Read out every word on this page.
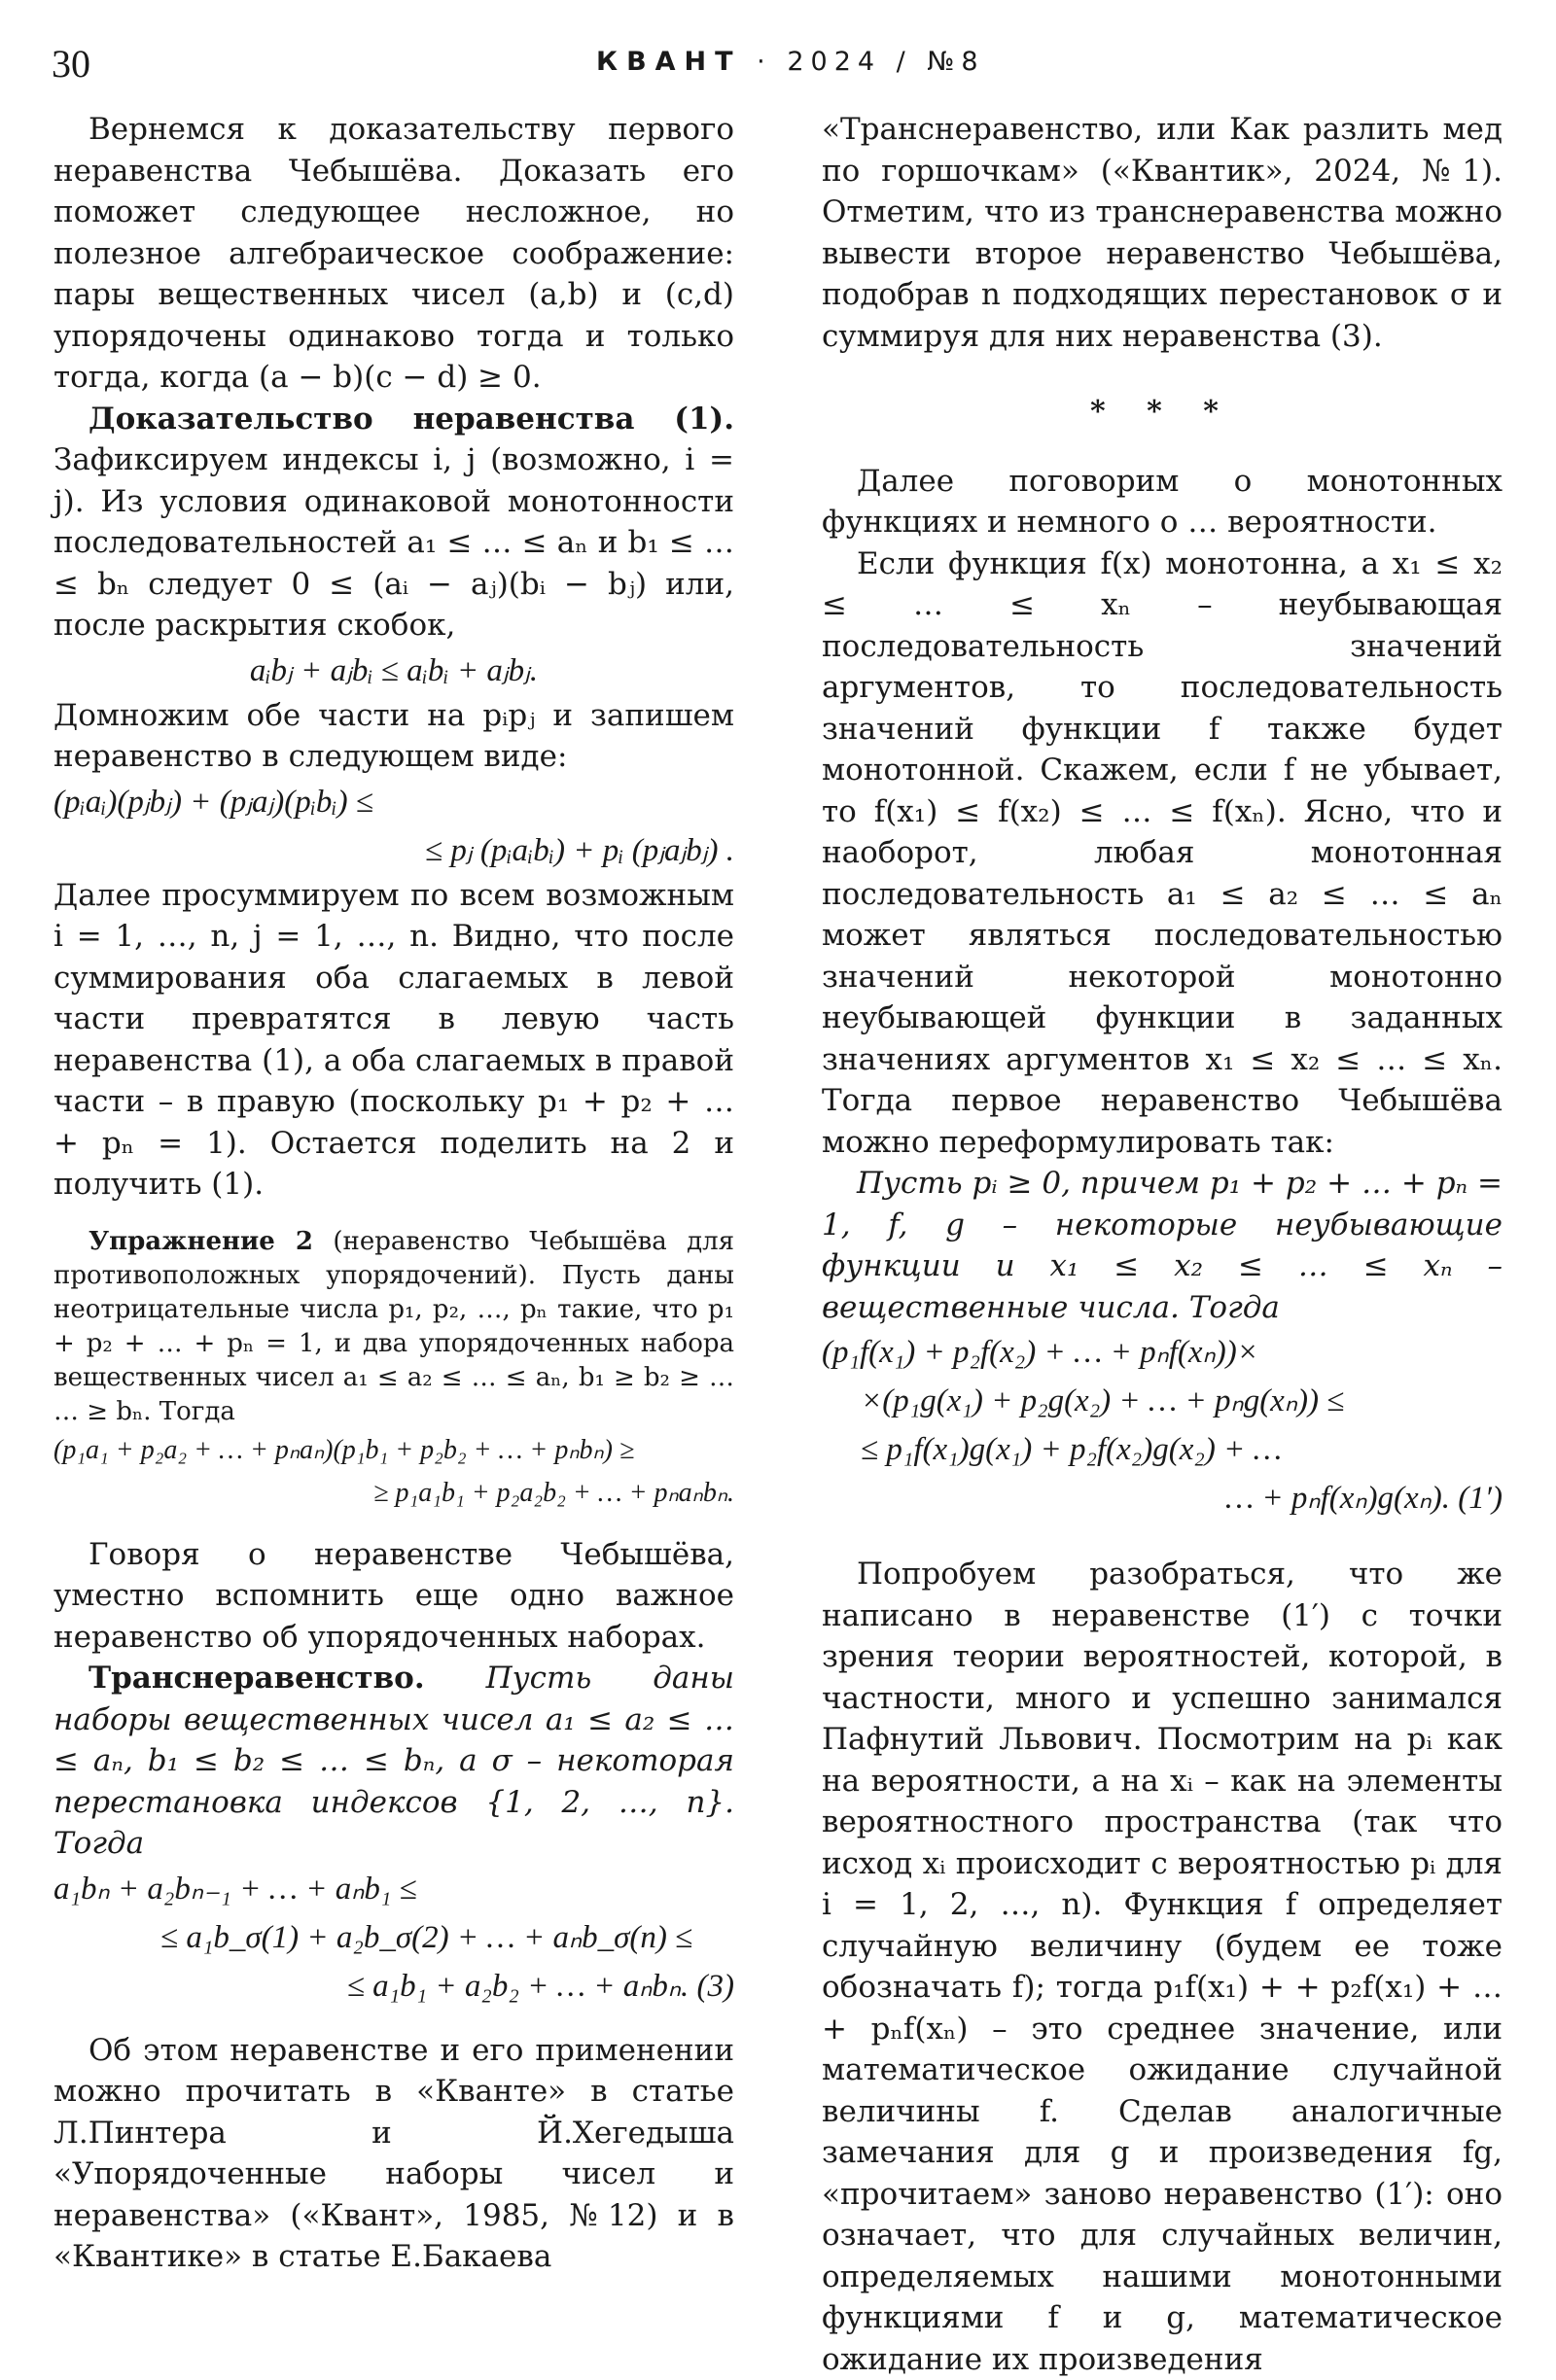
30	КВАНТ · 2024 / №8

Вернемся к доказательству первого неравенства Чебышёва. Доказать его поможет следующее несложное, но полезное алгебраическое соображение: пары вещественных чисел (a,b) и (c,d) упорядочены одинаково тогда и только тогда, когда (a − b)(c − d) ≥ 0.

Доказательство неравенства (1). Зафиксируем индексы i, j (возможно, i = j). Из условия одинаковой монотонности последовательностей a₁ ≤ … ≤ aₙ и b₁ ≤ … ≤ bₙ следует 0 ≤ (aᵢ − aⱼ)(bᵢ − bⱼ) или, после раскрытия скобок,

aᵢbⱼ + aⱼbᵢ ≤ aᵢbᵢ + aⱼbⱼ.

Домножим обе части на pᵢpⱼ и запишем неравенство в следующем виде:

(pᵢaᵢ)(pⱼbⱼ) + (pⱼaⱼ)(pᵢbᵢ) ≤

≤ pⱼ (pᵢaᵢbᵢ) + pᵢ (pⱼaⱼbⱼ) .

Далее просуммируем по всем возможным i = 1, …, n, j = 1, …, n. Видно, что после суммирования оба слагаемых в левой части превратятся в левую часть неравенства (1), а оба слагаемых в правой части – в правую (поскольку p₁ + p₂ + … + pₙ = 1). Остается поделить на 2 и получить (1).

Упражнение 2 (неравенство Чебышёва для противоположных упорядочений). Пусть даны неотрицательные числа p₁, p₂, …, pₙ такие, что p₁ + p₂ + … + pₙ = 1, и два упорядоченных набора вещественных чисел a₁ ≤ a₂ ≤ … ≤ aₙ, b₁ ≥ b₂ ≥ … … ≥ bₙ. Тогда

(p₁a₁ + p₂a₂ + … + pₙaₙ)(p₁b₁ + p₂b₂ + … + pₙbₙ) ≥

≥ p₁a₁b₁ + p₂a₂b₂ + … + pₙaₙbₙ.

Говоря о неравенстве Чебышёва, уместно вспомнить еще одно важное неравенство об упорядоченных наборах.

Транснеравенство. Пусть даны наборы вещественных чисел a₁ ≤ a₂ ≤ … ≤ aₙ, b₁ ≤ b₂ ≤ … ≤ bₙ, а σ – некоторая перестановка индексов {1, 2, …, n}. Тогда

a₁bₙ + a₂bₙ₋₁ + … + aₙb₁ ≤

≤ a₁b_σ(1) + a₂b_σ(2) + … + aₙb_σ(n) ≤

≤ a₁b₁ + a₂b₂ + … + aₙbₙ. (3)

Об этом неравенстве и его применении можно прочитать в «Кванте» в статье Л.Пинтера и Й.Хегедыша «Упорядоченные наборы чисел и неравенства» («Квант», 1985, №12) и в «Квантике» в статье Е.Бакаева

«Транснеравенство, или Как разлить мед по горшочкам» («Квантик», 2024, №1). Отметим, что из транснеравенства можно вывести второе неравенство Чебышёва, подобрав n подходящих перестановок σ и суммируя для них неравенства (3).

* * *

Далее поговорим о монотонных функциях и немного о … вероятности.

Если функция f(x) монотонна, а x₁ ≤ x₂ ≤ … ≤ xₙ – неубывающая последовательность значений аргументов, то последовательность значений функции f также будет монотонной. Скажем, если f не убывает, то f(x₁) ≤ f(x₂) ≤ … ≤ f(xₙ). Ясно, что и наоборот, любая монотонная последовательность a₁ ≤ a₂ ≤ … ≤ aₙ может являться последовательностью значений некоторой монотонно неубывающей функции в заданных значениях аргументов x₁ ≤ x₂ ≤ … ≤ xₙ. Тогда первое неравенство Чебышёва можно переформулировать так:

Пусть pᵢ ≥ 0, причем p₁ + p₂ + … + pₙ = 1, f, g – некоторые неубывающие функции и x₁ ≤ x₂ ≤ … ≤ xₙ – вещественные числа. Тогда

(p₁f(x₁) + p₂f(x₂) + … + pₙf(xₙ))×

×(p₁g(x₁) + p₂g(x₂) + … + pₙg(xₙ)) ≤

≤ p₁f(x₁)g(x₁) + p₂f(x₂)g(x₂) + …

… + pₙf(xₙ)g(xₙ). (1′)

Попробуем разобраться, что же написано в неравенстве (1′) с точки зрения теории вероятностей, которой, в частности, много и успешно занимался Пафнутий Львович. Посмотрим на pᵢ как на вероятности, а на xᵢ – как на элементы вероятностного пространства (так что исход xᵢ происходит с вероятностью pᵢ для i = 1, 2, …, n). Функция f определяет случайную величину (будем ее тоже обозначать f); тогда p₁f(x₁) + + p₂f(x₁) + … + pₙf(xₙ) – это среднее значение, или математическое ожидание случайной величины f. Сделав аналогичные замечания для g и произведения fg, «прочитаем» заново неравенство (1′): оно означает, что для случайных величин, определяемых нашими монотонными функциями f и g, математическое ожидание их произведения
